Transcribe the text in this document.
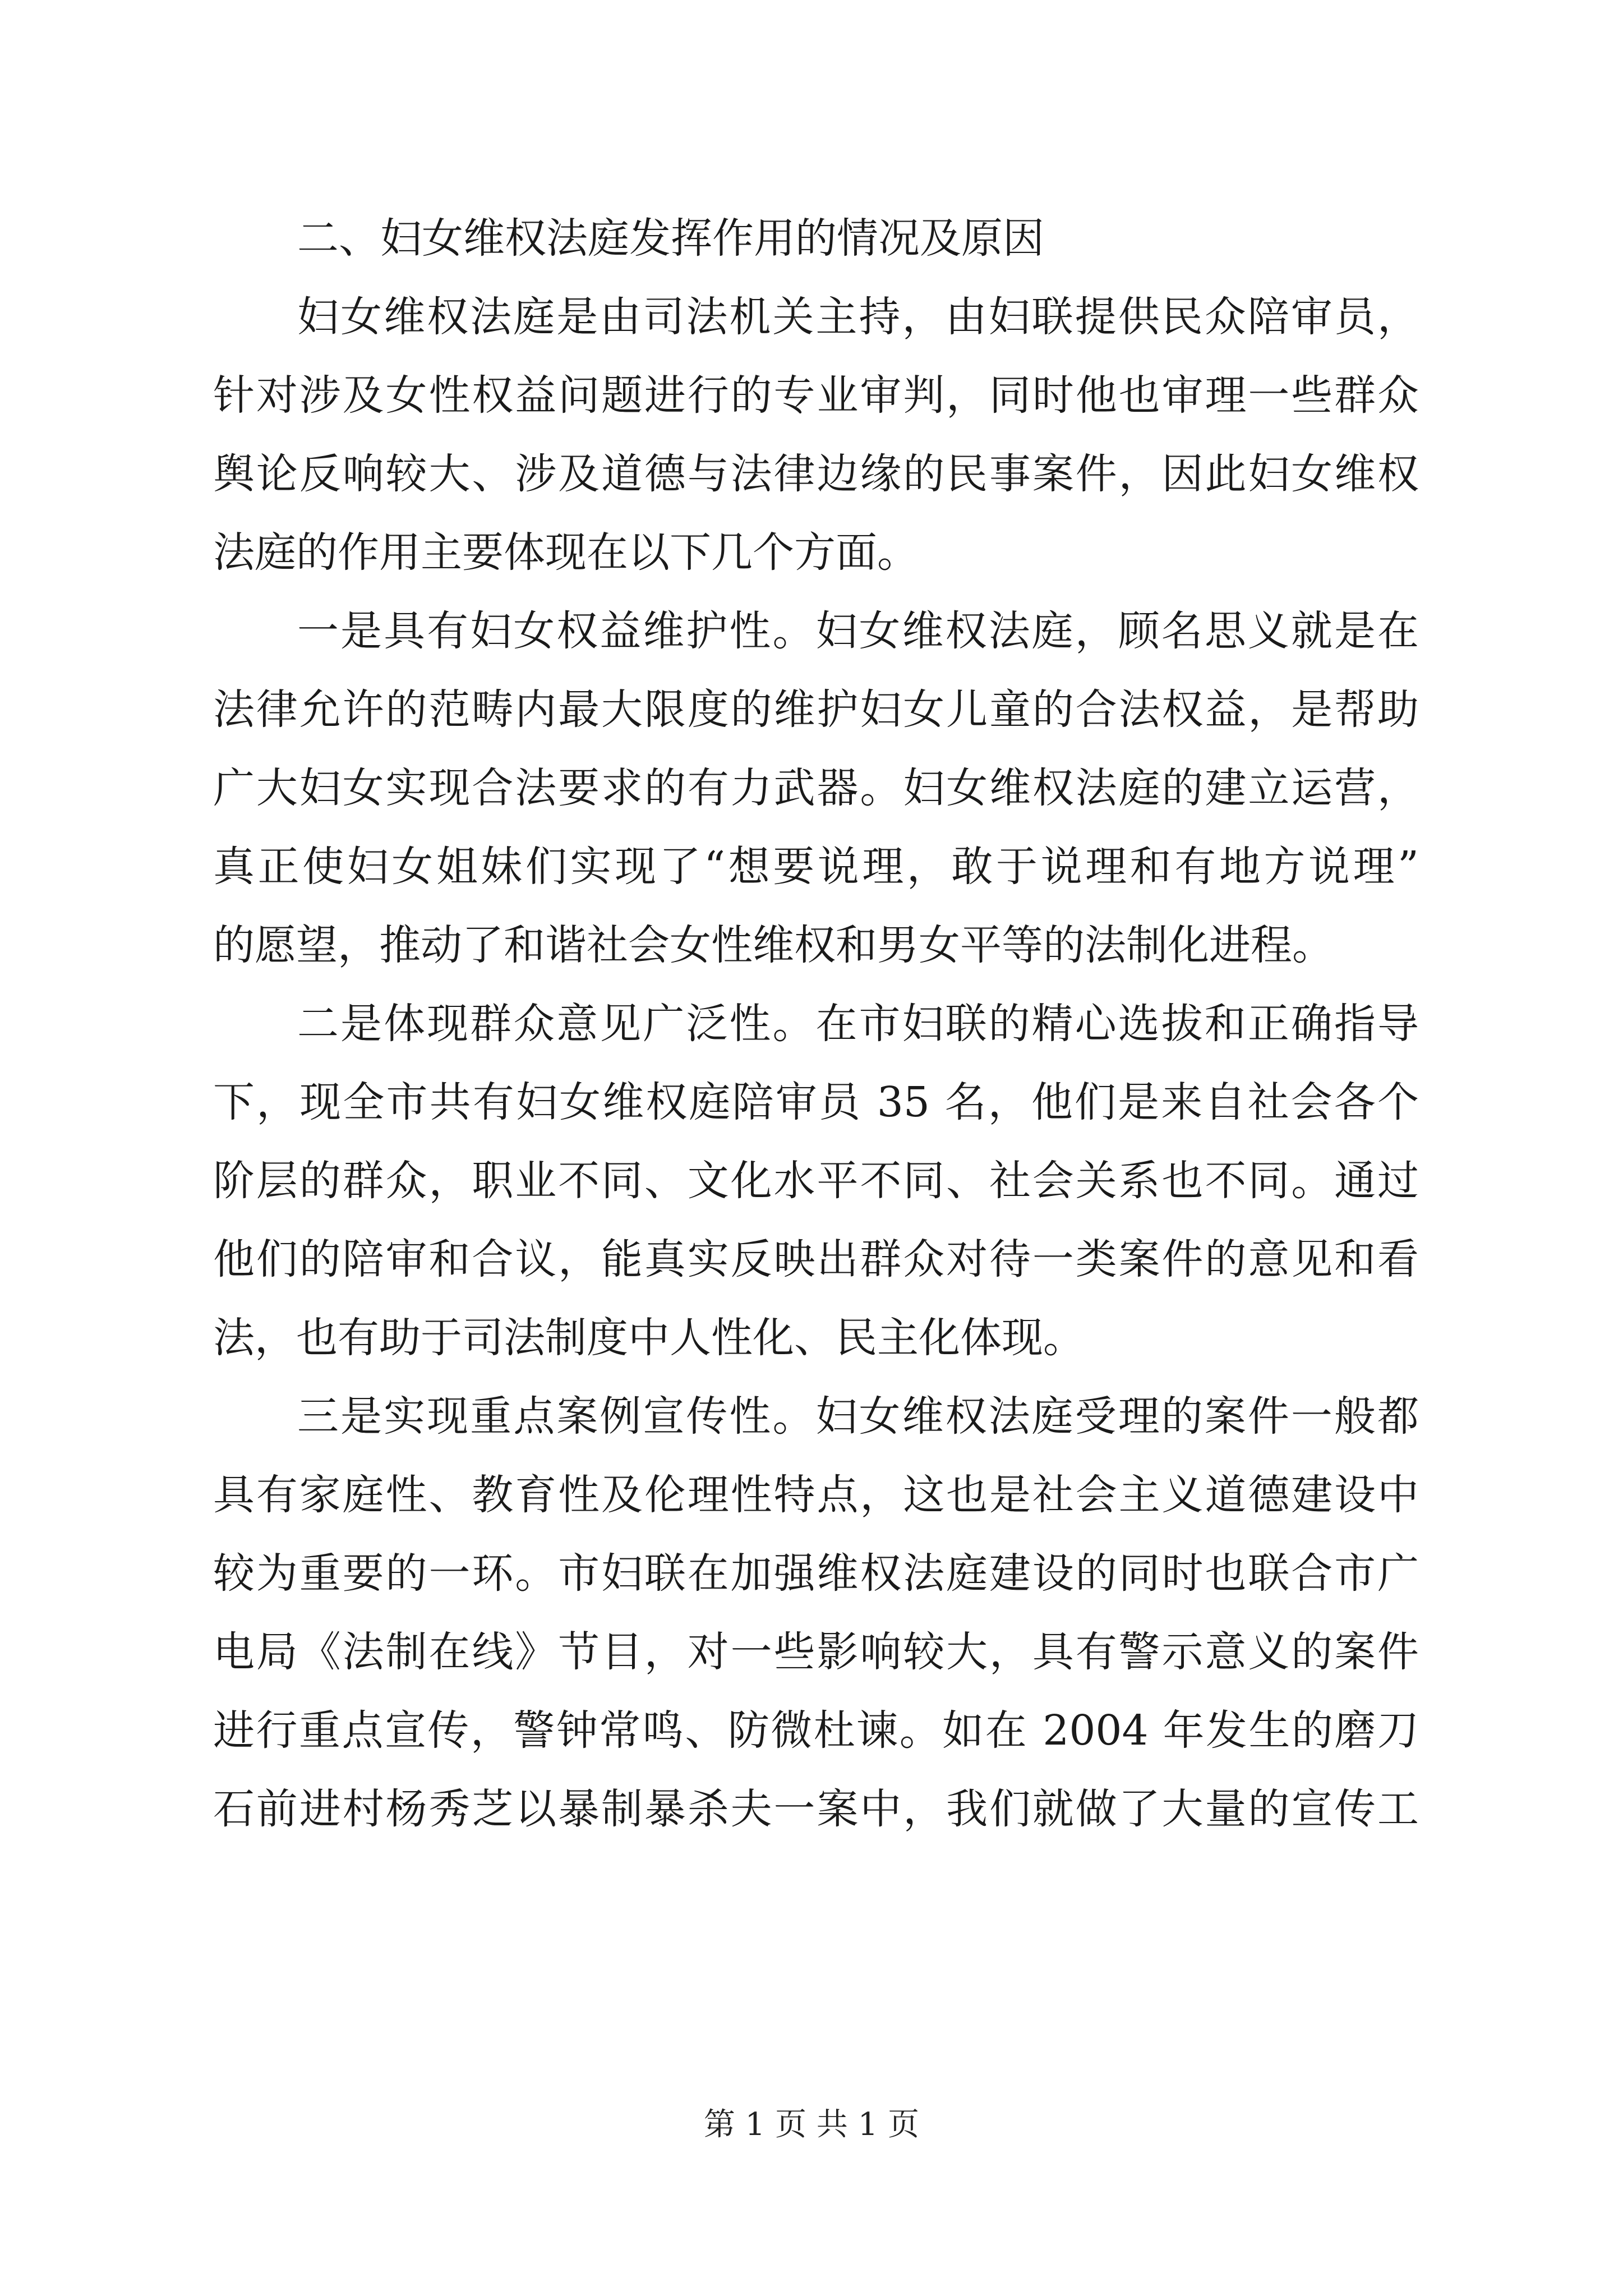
二、妇女维权法庭发挥作用的情况及原因
妇女维权法庭是由司法机关主持，由妇联提供民众陪审员，
针对涉及女性权益问题进行的专业审判，同时他也审理一些群众
舆论反响较大、涉及道德与法律边缘的民事案件，因此妇女维权
法庭的作用主要体现在以下几个方面。
一是具有妇女权益维护性。妇女维权法庭，顾名思义就是在
法律允许的范畴内最大限度的维护妇女儿童的合法权益，是帮助
广大妇女实现合法要求的有力武器。妇女维权法庭的建立运营，
真正使妇女姐妹们实现了“想要说理，敢于说理和有地方说理”
的愿望，推动了和谐社会女性维权和男女平等的法制化进程。
二是体现群众意见广泛性。在市妇联的精心选拔和正确指导
下，现全市共有妇女维权庭陪审员 35 名，他们是来自社会各个
阶层的群众，职业不同、文化水平不同、社会关系也不同。通过
他们的陪审和合议，能真实反映出群众对待一类案件的意见和看
法，也有助于司法制度中人性化、民主化体现。
三是实现重点案例宣传性。妇女维权法庭受理的案件一般都
具有家庭性、教育性及伦理性特点，这也是社会主义道德建设中
较为重要的一环。市妇联在加强维权法庭建设的同时也联合市广
电局《法制在线》节目，对一些影响较大，具有警示意义的案件
进行重点宣传，警钟常鸣、防微杜谏。如在 2004 年发生的磨刀
石前进村杨秀芝以暴制暴杀夫一案中，我们就做了大量的宣传工
第 1 页 共 1 页
